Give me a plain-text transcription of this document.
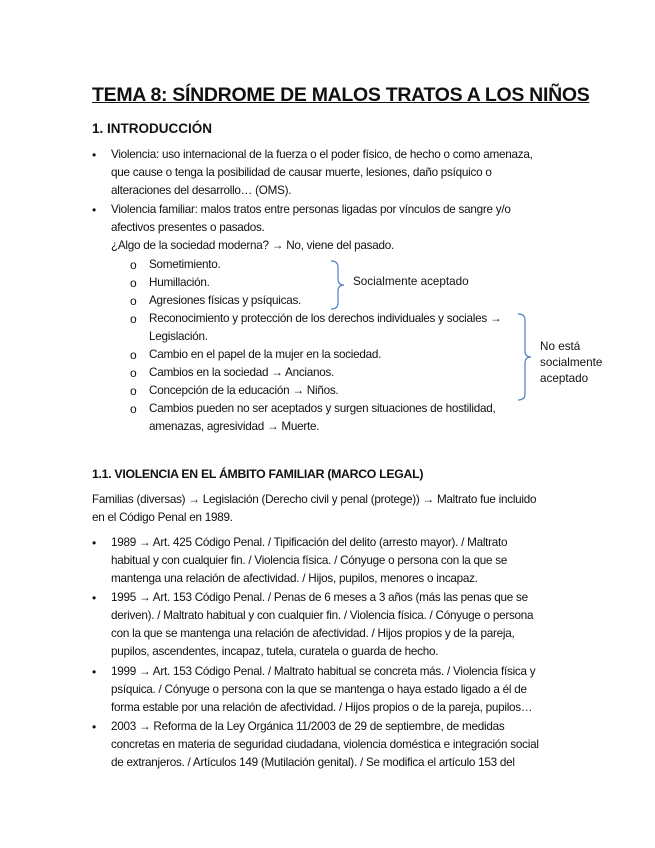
TEMA 8: SÍNDROME DE MALOS TRATOS A LOS NIÑOS
1. INTRODUCCIÓN
• Violencia: uso internacional de la fuerza o el poder físico, de hecho o como amenaza,
que cause o tenga la posibilidad de causar muerte, lesiones, daño psíquico o
alteraciones del desarrollo… (OMS).
• Violencia familiar: malos tratos entre personas ligadas por vínculos de sangre y/o
afectivos presentes o pasados.
¿Algo de la sociedad moderna? → No, viene del pasado.
o Sometimiento.
o Humillación.
o Agresiones físicas y psíquicas.
o Reconocimiento y protección de los derechos individuales y sociales →
Legislación.
o Cambio en el papel de la mujer en la sociedad.
o Cambios en la sociedad → Ancianos.
o Concepción de la educación → Niños.
o Cambios pueden no ser aceptados y surgen situaciones de hostilidad,
amenazas, agresividad → Muerte.
Socialmente aceptado
No está
socialmente
aceptado
1.1. VIOLENCIA EN EL ÁMBITO FAMILIAR (MARCO LEGAL)
Familias (diversas) → Legislación (Derecho civil y penal (protege)) → Maltrato fue incluido
en el Código Penal en 1989.
• 1989 → Art. 425 Código Penal. / Tipificación del delito (arresto mayor). / Maltrato
habitual y con cualquier fin. / Violencia física. / Cónyuge o persona con la que se
mantenga una relación de afectividad. / Hijos, pupilos, menores o incapaz.
• 1995 → Art. 153 Código Penal. / Penas de 6 meses a 3 años (más las penas que se
deriven). / Maltrato habitual y con cualquier fin. / Violencia física. / Cónyuge o persona
con la que se mantenga una relación de afectividad. / Hijos propios y de la pareja,
pupilos, ascendentes, incapaz, tutela, curatela o guarda de hecho.
• 1999 → Art. 153 Código Penal. / Maltrato habitual se concreta más. / Violencia física y
psíquica. / Cónyuge o persona con la que se mantenga o haya estado ligado a él de
forma estable por una relación de afectividad. / Hijos propios o de la pareja, pupilos…
• 2003 → Reforma de la Ley Orgánica 11/2003 de 29 de septiembre, de medidas
concretas en materia de seguridad ciudadana, violencia doméstica e integración social
de extranjeros. / Artículos 149 (Mutilación genital). / Se modifica el artículo 153 del
